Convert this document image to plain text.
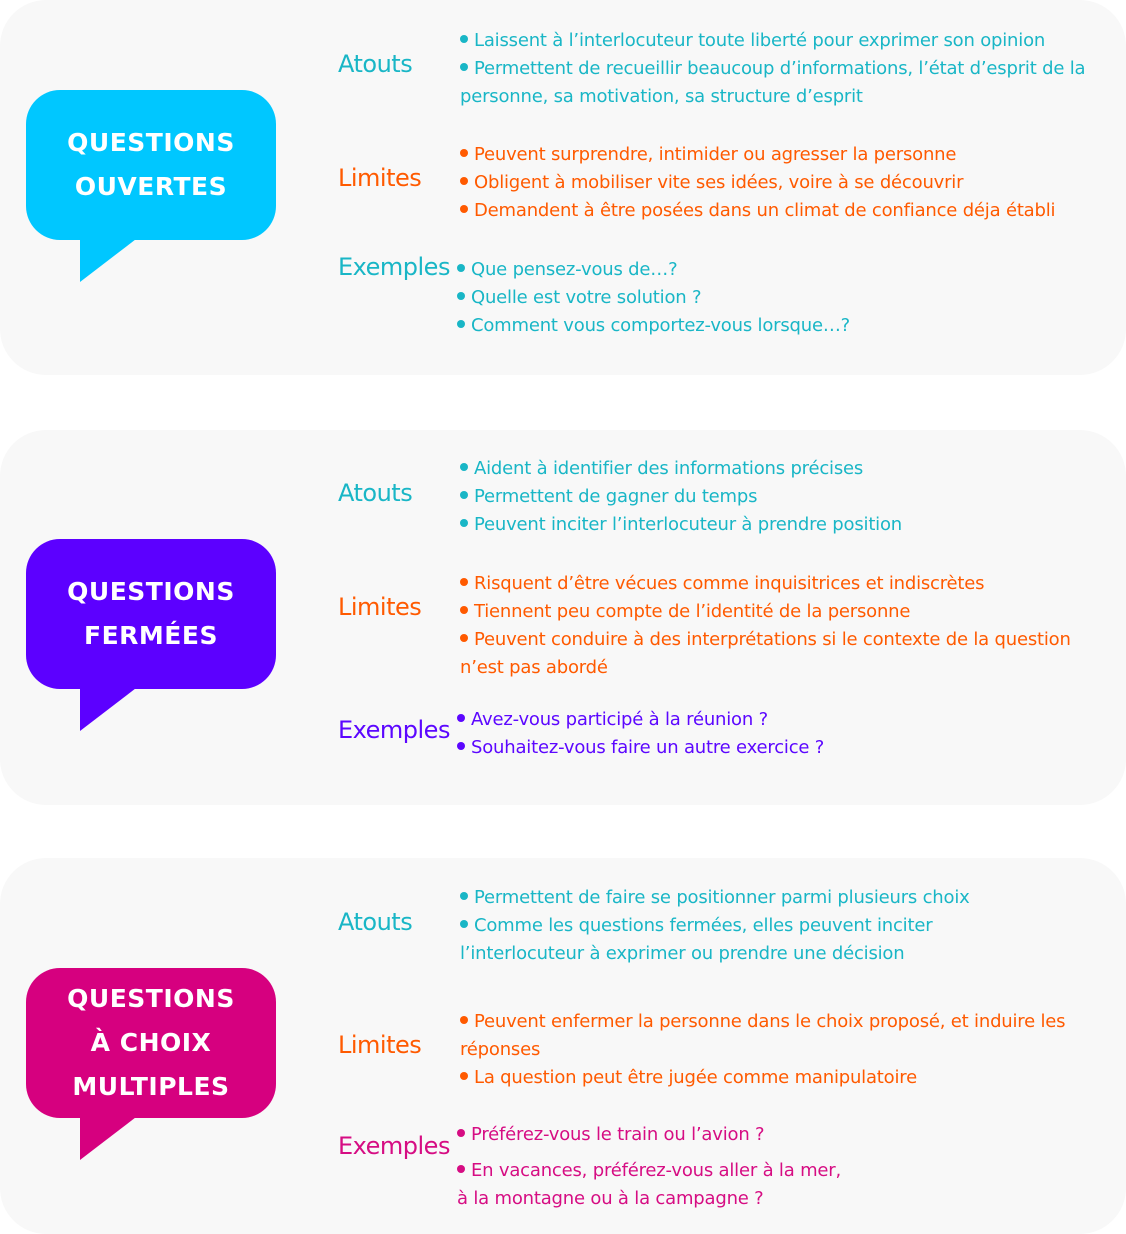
QUESTIONS
OUVERTES
Atouts
Laissent à l’interlocuteur toute liberté pour exprimer son opinion
Permettent de recueillir beaucoup d’informations, l’état d’esprit de la personne, sa motivation, sa structure d’esprit
Limites
Peuvent surprendre, intimider ou agresser la personne
Obligent à mobiliser vite ses idées, voire à se découvrir
Demandent à être posées dans un climat de confiance déja établi
Exemples	Que pensez-vous de…?
Quelle est votre solution ?
Comment vous comportez-vous lorsque…?
QUESTIONS
FERMÉES
Atouts
Aident à identifier des informations précises
Permettent de gagner du temps
Peuvent inciter l’interlocuteur à prendre position
Limites
Risquent d’être vécues comme inquisitrices et indiscrètes
Tiennent peu compte de l’identité de la personne
Peuvent conduire à des interprétations si le contexte de la question n’est pas abordé
Exemples	Avez-vous participé à la réunion ?
Souhaitez-vous faire un autre exercice ?
QUESTIONS
À CHOIX
MULTIPLES
Atouts
Permettent de faire se positionner parmi plusieurs choix
Comme les questions fermées, elles peuvent inciter l’interlocuteur à exprimer ou prendre une décision
Limites
Peuvent enfermer la personne dans le choix proposé, et induire les réponses
La question peut être jugée comme manipulatoire
Exemples	Préférez-vous le train ou l’avion ?
En vacances, préférez-vous aller à la mer, à la montagne ou à la campagne ?
